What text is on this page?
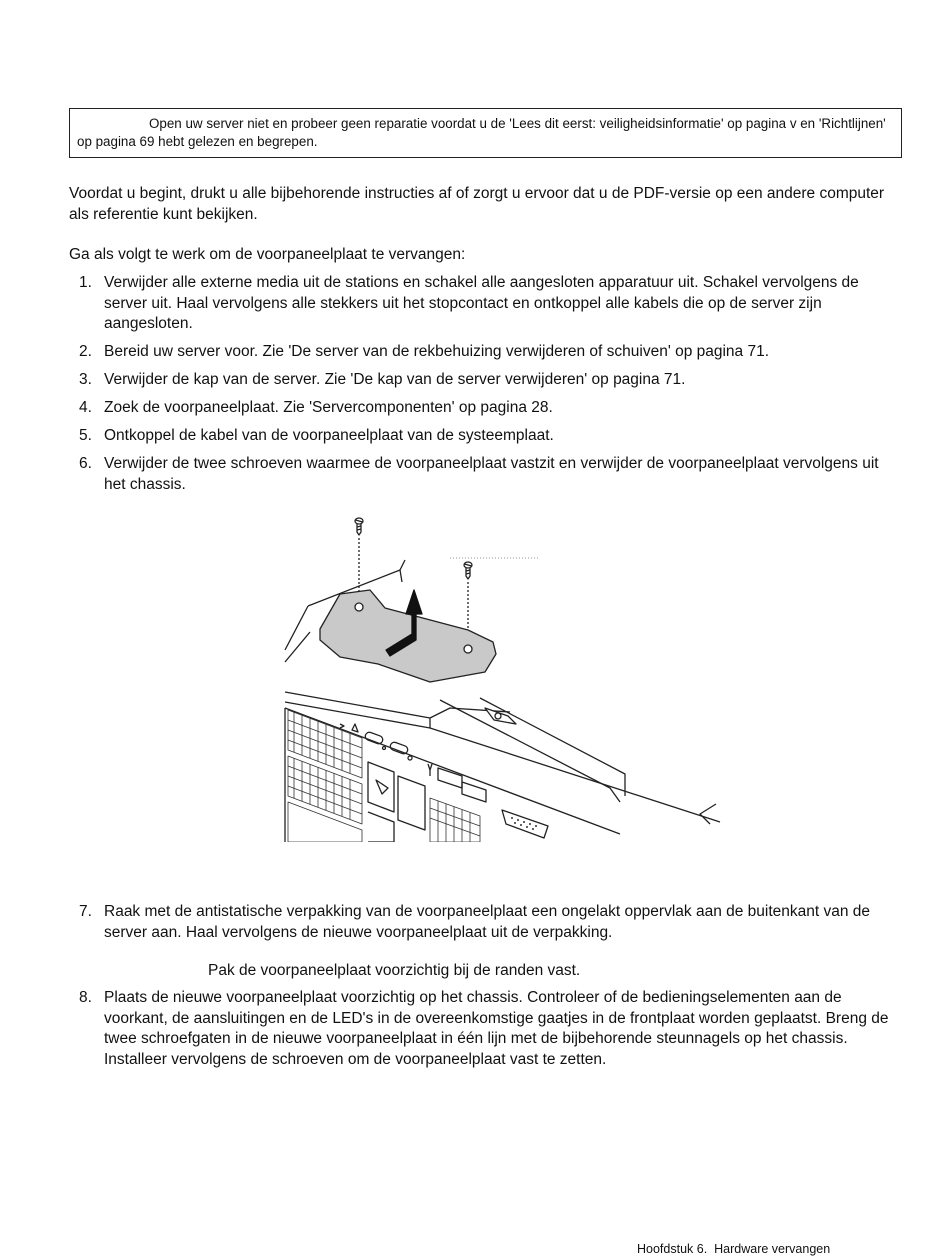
Open uw server niet en probeer geen reparatie voordat u de 'Lees dit eerst: veiligheidsinformatie' op pagina v en 'Richtlijnen' op pagina 69 hebt gelezen en begrepen.
Voordat u begint, drukt u alle bijbehorende instructies af of zorgt u ervoor dat u de PDF-versie op een andere computer als referentie kunt bekijken.
Ga als volgt te werk om de voorpaneelplaat te vervangen:
1. Verwijder alle externe media uit de stations en schakel alle aangesloten apparatuur uit. Schakel vervolgens de server uit. Haal vervolgens alle stekkers uit het stopcontact en ontkoppel alle kabels die op de server zijn aangesloten.
2. Bereid uw server voor. Zie 'De server van de rekbehuizing verwijderen of schuiven' op pagina 71.
3. Verwijder de kap van de server. Zie 'De kap van de server verwijderen' op pagina 71.
4. Zoek de voorpaneelplaat. Zie 'Servercomponenten' op pagina 28.
5. Ontkoppel de kabel van de voorpaneelplaat van de systeemplaat.
6. Verwijder de twee schroeven waarmee de voorpaneelplaat vastzit en verwijder de voorpaneelplaat vervolgens uit het chassis.
7. Raak met de antistatische verpakking van de voorpaneelplaat een ongelakt oppervlak aan de buitenkant van de server aan. Haal vervolgens de nieuwe voorpaneelplaat uit de verpakking.
Pak de voorpaneelplaat voorzichtig bij de randen vast.
8. Plaats de nieuwe voorpaneelplaat voorzichtig op het chassis. Controleer of de bedieningselementen aan de voorkant, de aansluitingen en de LED's in de overeenkomstige gaatjes in de frontplaat worden geplaatst. Breng de twee schroefgaten in de nieuwe voorpaneelplaat in één lijn met de bijbehorende steunnagels op het chassis. Installeer vervolgens de schroeven om de voorpaneelplaat vast te zetten.
Hoofdstuk 6. Hardware vervangen
